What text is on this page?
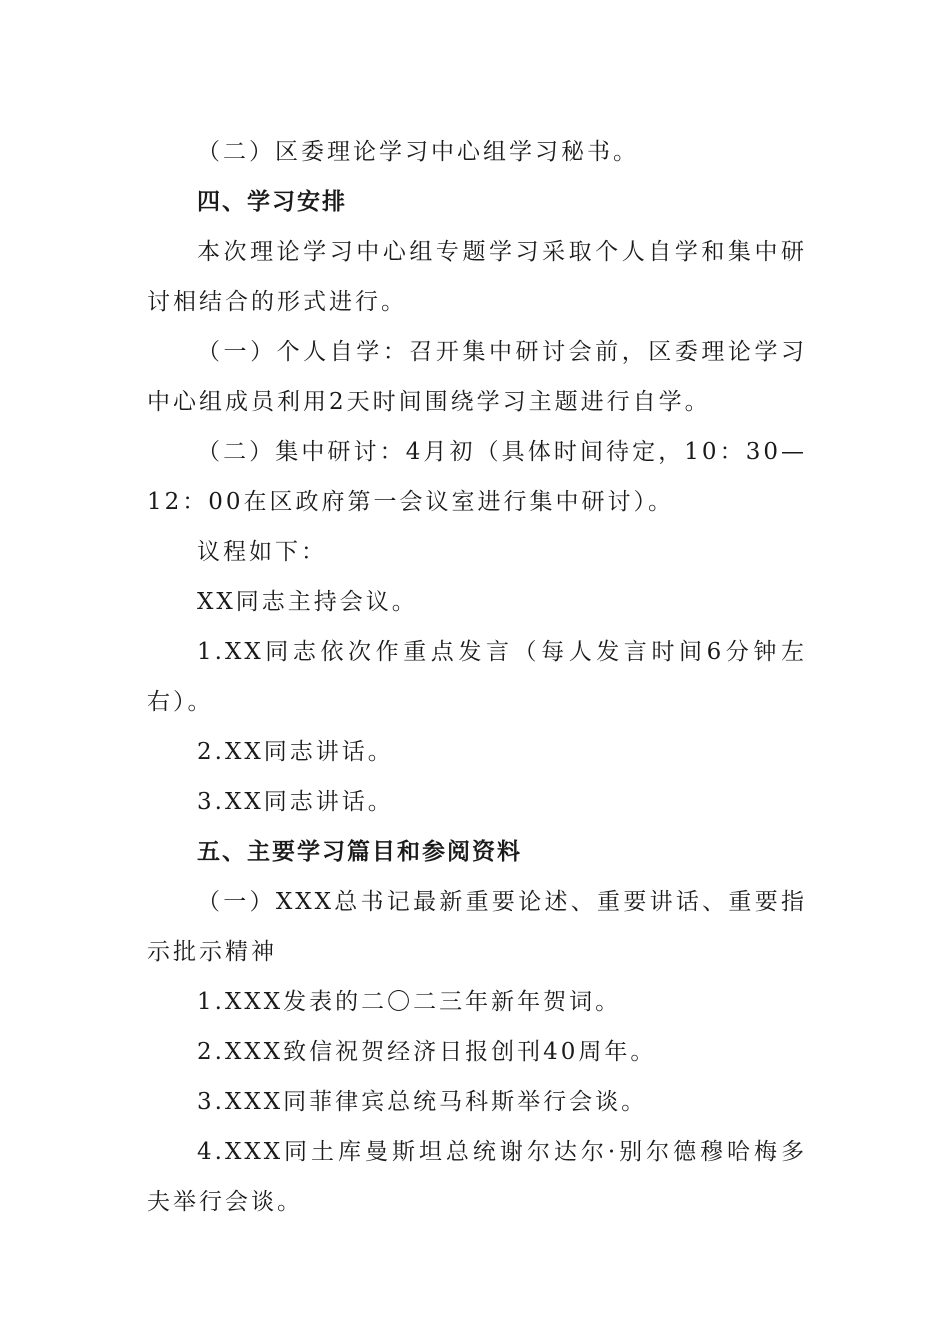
（二）区委理论学习中心组学习秘书。

四、学习安排

本次理论学习中心组专题学习采取个人自学和集中研讨相结合的形式进行。

（一）个人自学：召开集中研讨会前，区委理论学习中心组成员利用2天时间围绕学习主题进行自学。

（二）集中研讨：4月初（具体时间待定，10：30—12：00在区政府第一会议室进行集中研讨）。

议程如下：

XX同志主持会议。

1.XX同志依次作重点发言（每人发言时间6分钟左右）。

2.XX同志讲话。

3.XX同志讲话。

五、主要学习篇目和参阅资料

（一）XXX总书记最新重要论述、重要讲话、重要指示批示精神

1.XXX发表的二〇二三年新年贺词。

2.XXX致信祝贺经济日报创刊40周年。

3.XXX同菲律宾总统马科斯举行会谈。

4.XXX同土库曼斯坦总统谢尔达尔·别尔德穆哈梅多夫举行会谈。
